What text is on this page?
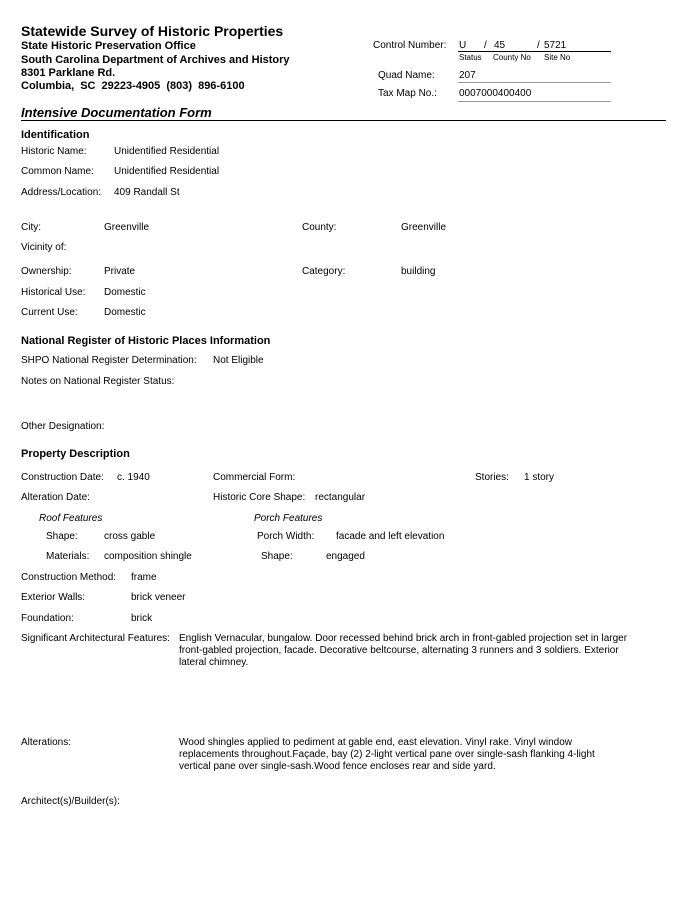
Statewide Survey of Historic Properties
State Historic Preservation Office
South Carolina Department of Archives and History
8301 Parklane Rd.
Columbia, SC 29223-4905 (803) 896-6100
Control Number: U / 45	/ 5721
Status County No Site No
Quad Name: 207
Tax Map No.: 0007000400400
Intensive Documentation Form
Identification
Historic Name:	Unidentified Residential
Common Name: Unidentified Residential
Address/Location: 409 Randall St
City:	Greenville	County:	Greenville
Vicinity of:
Ownership:	Private	Category:	building
Historical Use: Domestic
Current Use:	Domestic
National Register of Historic Places Information
SHPO National Register Determination: Not Eligible
Notes on National Register Status:
Other Designation:
Property Description
Construction Date: c. 1940	Commercial Form:	Stories: 1 story
Alteration Date:	Historic Core Shape: rectangular
Roof Features	Porch Features
Shape:	cross gable	Porch Width: facade and left elevation
Materials: composition shingle	Shape:	engaged
Construction Method: frame
Exterior Walls:	brick veneer
Foundation:	brick
Significant Architectural Features: English Vernacular, bungalow. Door recessed behind brick arch in front-gabled projection set in larger front-gabled projection, facade. Decorative beltcourse, alternating 3 runners and 3 soldiers. Exterior lateral chimney.
Alterations:	Wood shingles applied to pediment at gable end, east elevation. Vinyl rake. Vinyl window replacements throughout.Façade, bay (2) 2-light vertical pane over single-sash flanking 4-light vertical pane over single-sash.Wood fence encloses rear and side yard.
Architect(s)/Builder(s):
